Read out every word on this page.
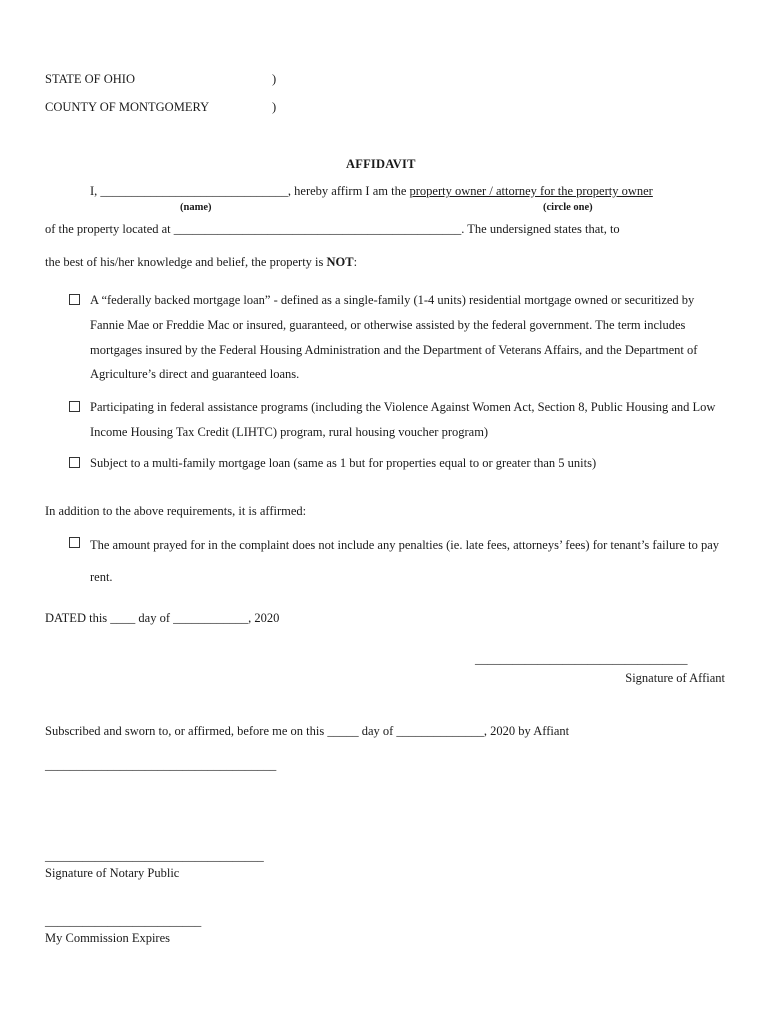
STATE OF OHIO	)
COUNTY OF MONTGOMERY	)
AFFIDAVIT
I, ______________________________, hereby affirm I am the property owner / attorney for the property owner
(name)	(circle one)
of the property located at ______________________________________________. The undersigned states that, to
the best of his/her knowledge and belief, the property is NOT:
A “federally backed mortgage loan” - defined as a single-family (1-4 units) residential mortgage owned or securitized by Fannie Mae or Freddie Mac or insured, guaranteed, or otherwise assisted by the federal government. The term includes mortgages insured by the Federal Housing Administration and the Department of Veterans Affairs, and the Department of Agriculture’s direct and guaranteed loans.
Participating in federal assistance programs (including the Violence Against Women Act, Section 8, Public Housing and Low Income Housing Tax Credit (LIHTC) program, rural housing voucher program)
Subject to a multi-family mortgage loan (same as 1 but for properties equal to or greater than 5 units)
In addition to the above requirements, it is affirmed:
The amount prayed for in the complaint does not include any penalties (ie. late fees, attorneys’ fees) for tenant’s failure to pay rent.
DATED this ____ day of ____________, 2020
__________________________________
Signature of Affiant
Subscribed and sworn to, or affirmed, before me on this _____ day of ______________, 2020 by Affiant
_____________________________________
___________________________________
Signature of Notary Public
_________________________
My Commission Expires
